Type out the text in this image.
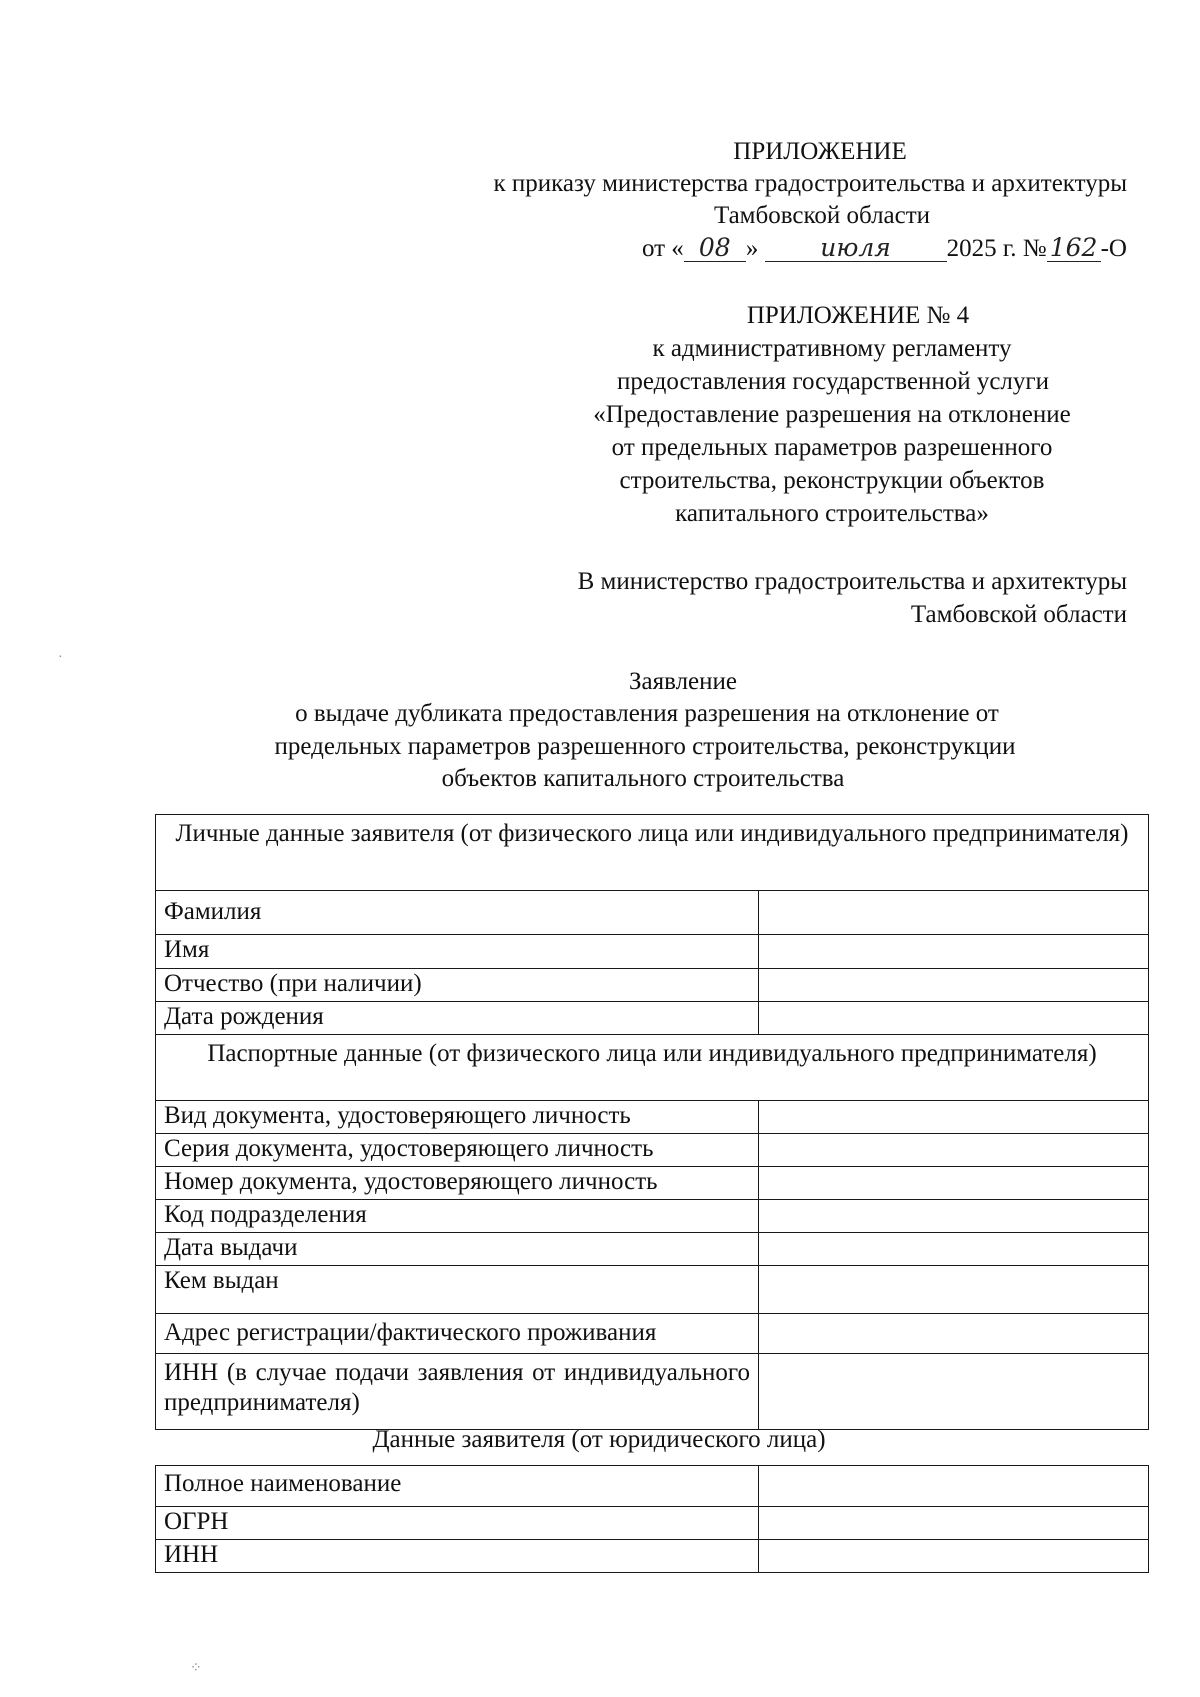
ПРИЛОЖЕНИЕ
к приказу министерства градостроительства и архитектуры
Тамбовской области
от « 08 » июля 2025 г. № 162 -О
ПРИЛОЖЕНИЕ № 4
к административному регламенту
предоставления государственной услуги
«Предоставление разрешения на отклонение
от предельных параметров разрешенного
строительства, реконструкции объектов
капитального строительства»
В министерство градостроительства и архитектуры
Тамбовской области
Заявление
о выдаче дубликата предоставления разрешения на отклонение от
предельных параметров разрешенного строительства, реконструкции
объектов капитального строительства
Личные данные заявителя (от физического лица или индивидуального предпринимателя)	
Фамилия	
Имя	
Отчество (при наличии)	
Дата рождения	
Паспортные данные (от физического лица или индивидуального предпринимателя)	
Вид документа, удостоверяющего личность	
Серия документа, удостоверяющего личность	
Номер документа, удостоверяющего личность	
Код подразделения	
Дата выдачи	
Кем выдан	
Адрес регистрации/фактического проживания	
ИНН (в случае подачи заявления от индивидуального предпринимателя)	
Данные заявителя (от юридического лица)
Полное наименование	
ОГРН	
ИНН	
·
⁘
